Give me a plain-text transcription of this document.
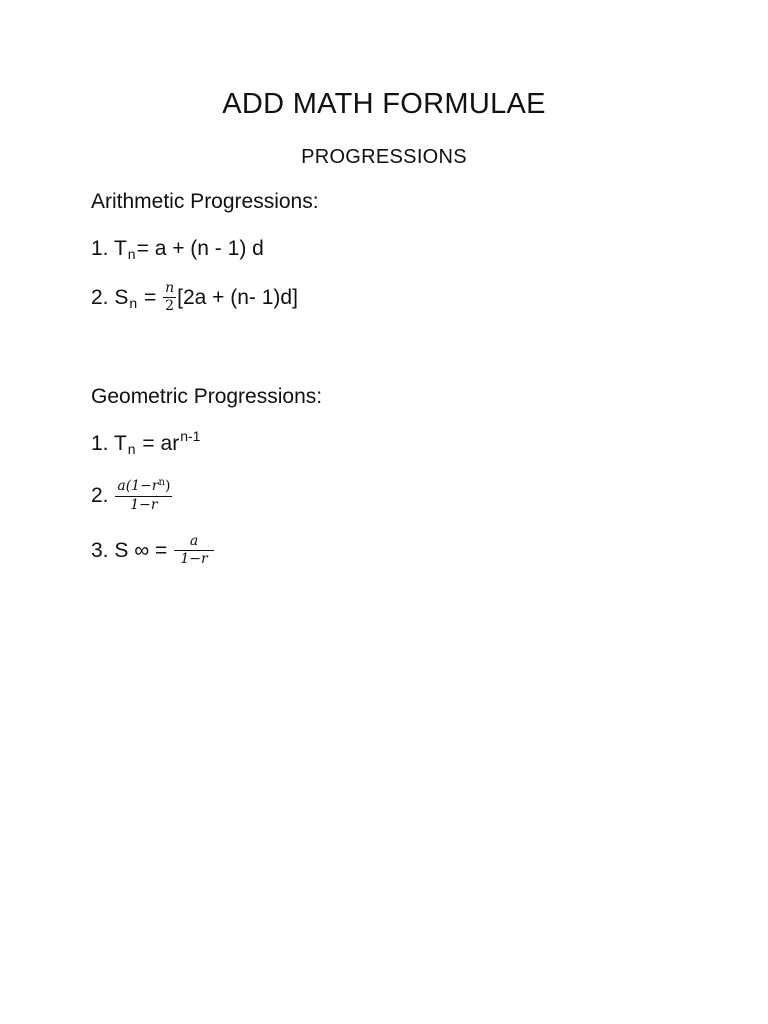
ADD MATH FORMULAE
PROGRESSIONS
Arithmetic Progressions:
1. T n = a + (n - 1) d
2. S $n = \frac{n}{2} [2a + (n-$ 1)d]
Geometric Progressions:
1. T n = ar n-1
2. $\frac{a(1-r^n)}{1-r}$
3. S ∞ = $\frac{a}{1-r}$
